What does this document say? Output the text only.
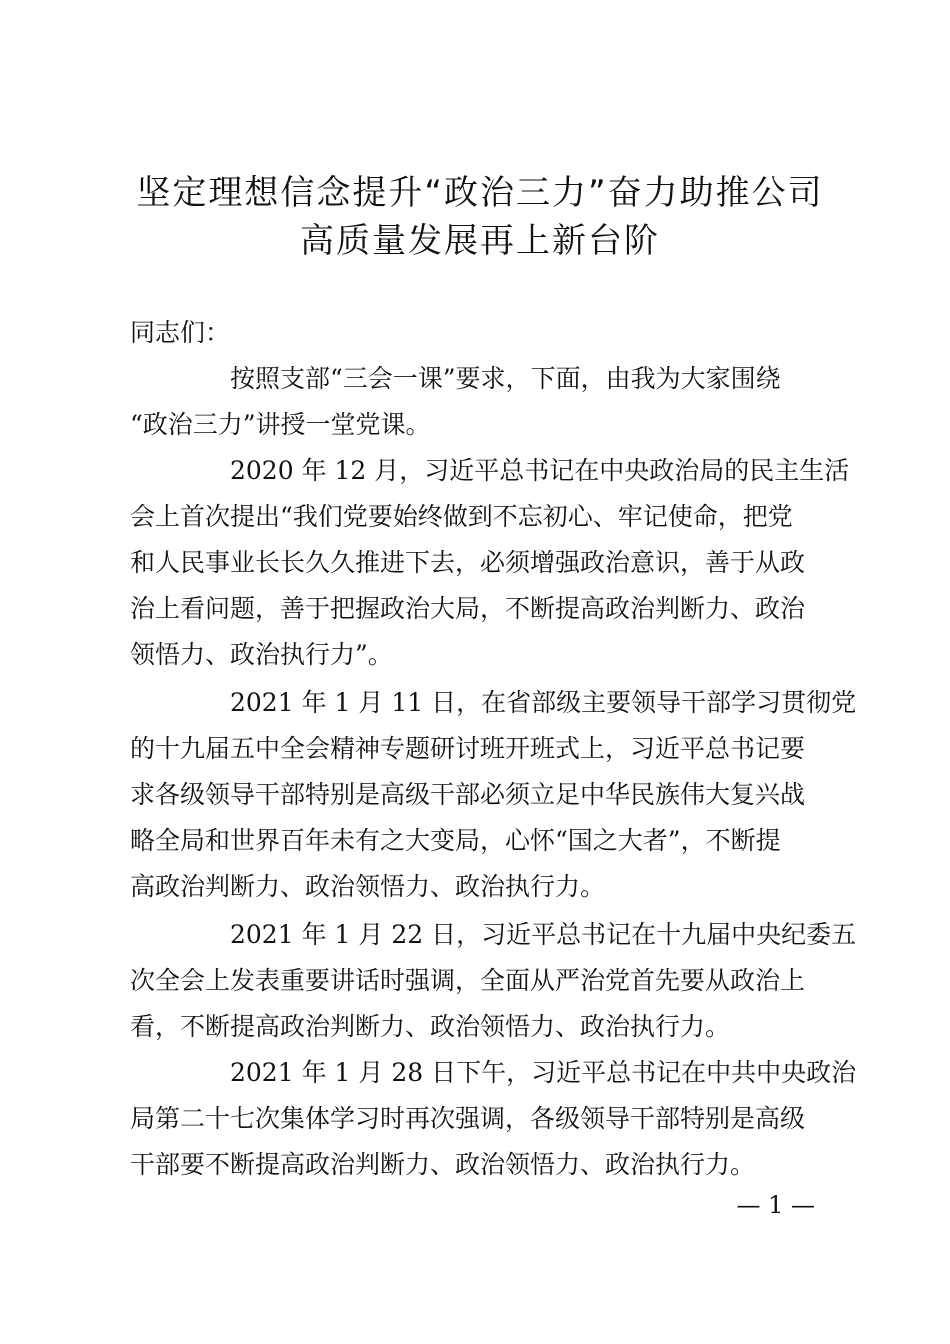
坚定理想信念提升“政治三力”奋力助推公司
高质量发展再上新台阶

同志们：

按照支部“三会一课”要求，下面，由我为大家围绕

“政治三力”讲授一堂党课。

2020 年 12 月，习近平总书记在中央政治局的民主生活

会上首次提出“我们党要始终做到不忘初心、牢记使命，把党

和人民事业长长久久推进下去，必须增强政治意识，善于从政

治上看问题，善于把握政治大局，不断提高政治判断力、政治

领悟力、政治执行力”。

2021 年 1 月 11 日，在省部级主要领导干部学习贯彻党

的十九届五中全会精神专题研讨班开班式上，习近平总书记要

求各级领导干部特别是高级干部必须立足中华民族伟大复兴战

略全局和世界百年未有之大变局，心怀“国之大者”，不断提

高政治判断力、政治领悟力、政治执行力。

2021 年 1 月 22 日，习近平总书记在十九届中央纪委五

次全会上发表重要讲话时强调，全面从严治党首先要从政治上

看，不断提高政治判断力、政治领悟力、政治执行力。

2021 年 1 月 28 日下午，习近平总书记在中共中央政治

局第二十七次集体学习时再次强调，各级领导干部特别是高级

干部要不断提高政治判断力、政治领悟力、政治执行力。

— 1 —
